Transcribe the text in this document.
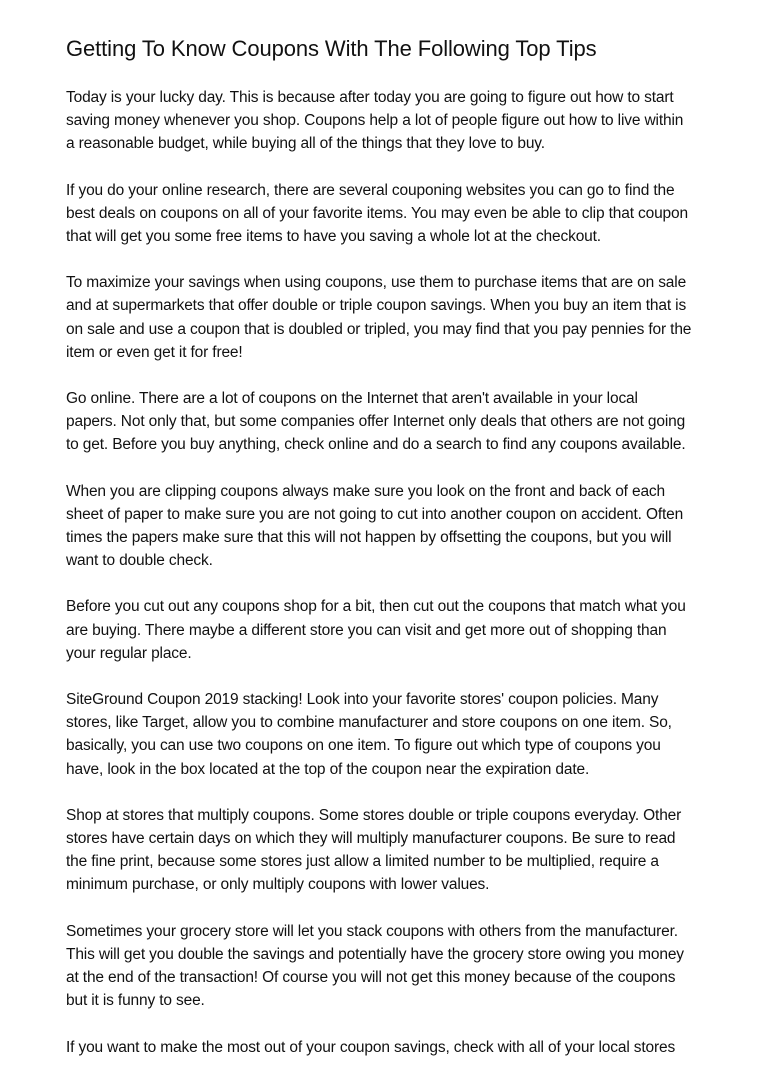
Getting To Know Coupons With The Following Top Tips

Today is your lucky day. This is because after today you are going to figure out how to start
saving money whenever you shop. Coupons help a lot of people figure out how to live within
a reasonable budget, while buying all of the things that they love to buy.

If you do your online research, there are several couponing websites you can go to find the
best deals on coupons on all of your favorite items. You may even be able to clip that coupon
that will get you some free items to have you saving a whole lot at the checkout.

To maximize your savings when using coupons, use them to purchase items that are on sale
and at supermarkets that offer double or triple coupon savings. When you buy an item that is
on sale and use a coupon that is doubled or tripled, you may find that you pay pennies for the
item or even get it for free!

Go online. There are a lot of coupons on the Internet that aren't available in your local
papers. Not only that, but some companies offer Internet only deals that others are not going
to get. Before you buy anything, check online and do a search to find any coupons available.

When you are clipping coupons always make sure you look on the front and back of each
sheet of paper to make sure you are not going to cut into another coupon on accident. Often
times the papers make sure that this will not happen by offsetting the coupons, but you will
want to double check.

Before you cut out any coupons shop for a bit, then cut out the coupons that match what you
are buying. There maybe a different store you can visit and get more out of shopping than
your regular place.

SiteGround Coupon 2019 stacking! Look into your favorite stores' coupon policies. Many
stores, like Target, allow you to combine manufacturer and store coupons on one item. So,
basically, you can use two coupons on one item. To figure out which type of coupons you
have, look in the box located at the top of the coupon near the expiration date.

Shop at stores that multiply coupons. Some stores double or triple coupons everyday. Other
stores have certain days on which they will multiply manufacturer coupons. Be sure to read
the fine print, because some stores just allow a limited number to be multiplied, require a
minimum purchase, or only multiply coupons with lower values.

Sometimes your grocery store will let you stack coupons with others from the manufacturer.
This will get you double the savings and potentially have the grocery store owing you money
at the end of the transaction! Of course you will not get this money because of the coupons
but it is funny to see.

If you want to make the most out of your coupon savings, check with all of your local stores
